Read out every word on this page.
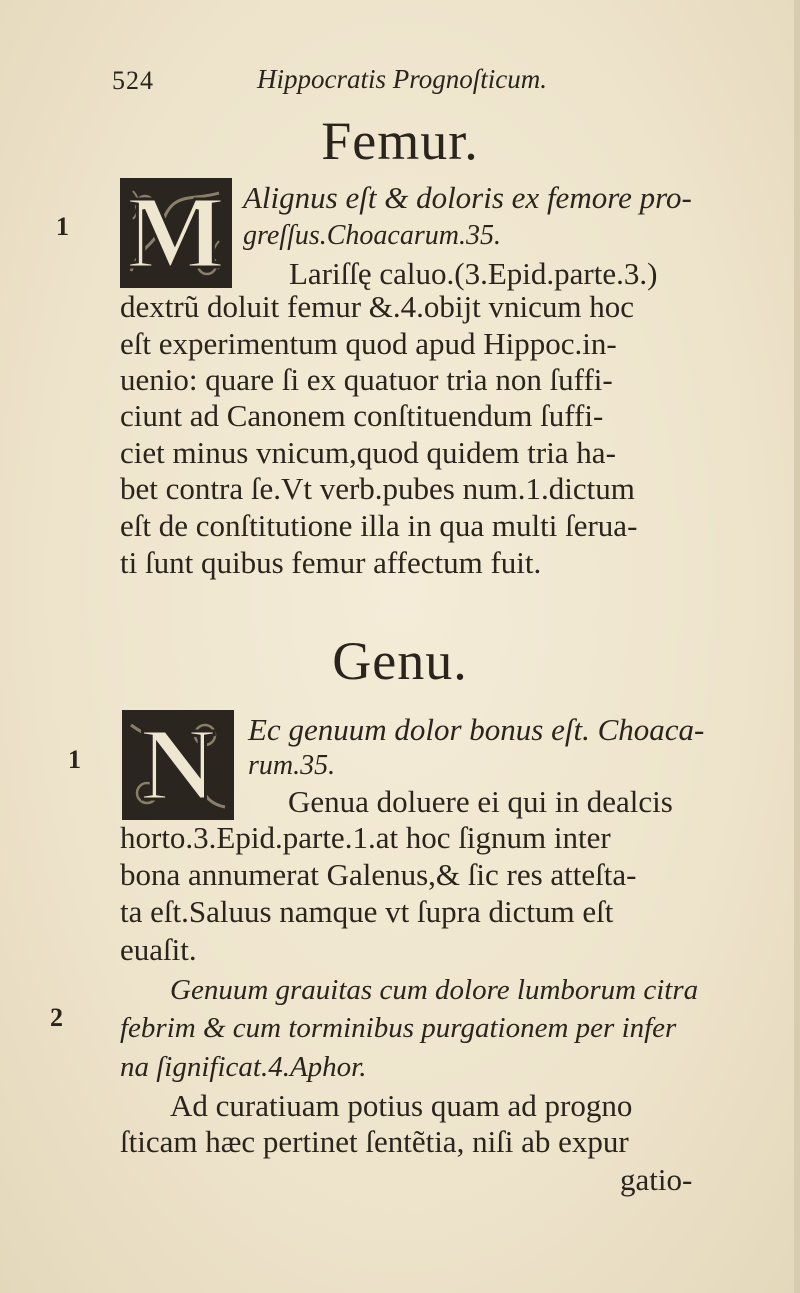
524	Hippocratis Prognoſticum.
Femur.
1 M Alignus eſt & doloris ex femore pro-
greſſus.Choacarum.35.
Lariſſę caluo.(3.Epid.parte.3.)
dextrũ doluit femur &.4.obijt vnicum hoc
eſt experimentum quod apud Hippoc.in-
uenio: quare ſi ex quatuor tria non ſuffi-
ciunt ad Canonem conſtituendum ſuffi-
ciet minus vnicum,quod quidem tria ha-
bet contra ſe.Vt verb.pubes num.1.dictum
eſt de conſtitutione illa in qua multi ſerua-
ti ſunt quibus femur affectum fuit.
Genu.
1 N Ec genuum dolor bonus eſt. Choaca-
rum.35.
Genua doluere ei qui in dealcis
horto.3.Epid.parte.1.at hoc ſignum inter
bona annumerat Galenus,& ſic res atteſta-
ta eſt.Saluus namque vt ſupra dictum eſt
euaſit.
2
Genuum grauitas cum dolore lumborum citra
febrim & cum torminibus purgationem per infer
na ſignificat.4.Aphor.
Ad curatiuam potius quam ad progno
ſticam hæc pertinet ſentẽtia, niſi ab expur
gatio-
